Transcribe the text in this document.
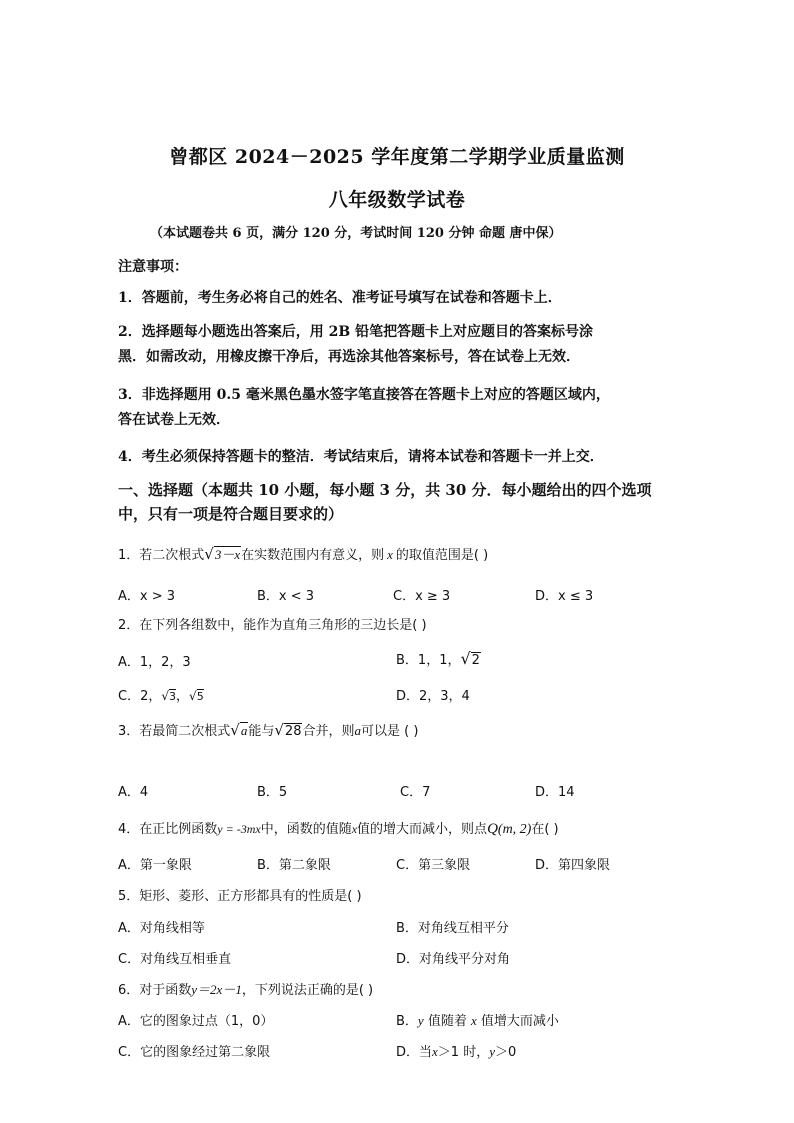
曾都区 2024－2025 学年度第二学期学业质量监测
八年级数学试卷
（本试题卷共 6 页，满分 120 分，考试时间 120 分钟 命题 唐中保）
注意事项：
1．答题前，考生务必将自己的姓名、准考证号填写在试卷和答题卡上．
2．选择题每小题选出答案后，用 2B 铅笔把答题卡上对应题目的答案标号涂
黑．如需改动，用橡皮擦干净后，再选涂其他答案标号，答在试卷上无效．
3．非选择题用 0.5 毫米黑色墨水签字笔直接答在答题卡上对应的答题区域内，
答在试卷上无效．
4．考生必须保持答题卡的整洁．考试结束后，请将本试卷和答题卡一并上交．
一、选择题（本题共 10 小题，每小题 3 分，共 30 分．每小题给出的四个选项
中，只有一项是符合题目要求的）
1．若二次根式√3－x在实数范围内有意义，则 x 的取值范围是( )
A．x > 3	B．x < 3	C．x ≥ 3	D．x ≤ 3
2．在下列各组数中，能作为直角三角形的三边长是( )
A．1，2，3	B．1，1，√2
C．2，√3，√5	D．2，3，4
3．若最简二次根式√a能与√28合并，则a可以是 ( )
A．4	B．5	C．7	D．14
4．在正比例函数y = -3mx中，函数的值随x值的增大而减小，则点Q(m, 2)在( )
A．第一象限	B．第二象限	C．第三象限	D．第四象限
5．矩形、菱形、正方形都具有的性质是( )
A．对角线相等	B．对角线互相平分
C．对角线互相垂直	D．对角线平分对角
6．对于函数y＝2x－1，下列说法正确的是( )
A．它的图象过点（1，0）	B．y 值随着 x 值增大而减小
C．它的图象经过第二象限	D．当x＞1 时，y＞0
